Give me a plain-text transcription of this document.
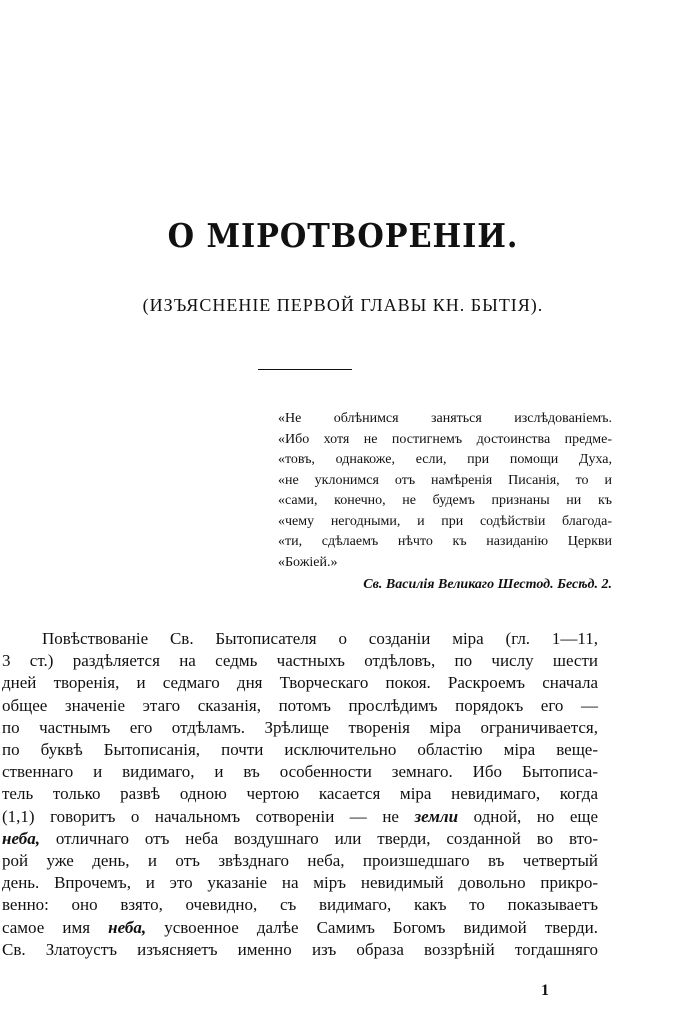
О МІРОТВОРЕНІИ.
(ИЗЪЯСНЕНІЕ ПЕРВОЙ ГЛАВЫ КН. БЫТІЯ).
«Не облѣнимся заняться изслѣдованіемъ.
«Ибо хотя не постигнемъ достоинства предме-
«товъ, однакоже, если, при помощи Духа,
«не уклонимся отъ намѣренія Писанія, то и
«сами, конечно, не будемъ признаны ни къ
«чему негодными, и при содѣйствіи благода-
«ти, сдѣлаемъ нѣчто къ назиданію Церкви
«Божіей.»
Св. Василія Великаго Шестод. Бесѣд. 2.
Повѣствованіе Св. Бытописателя о созданіи міра (гл. 1—11,
3 ст.) раздѣляется на седмь частныхъ отдѣловъ, по числу шести
дней творенія, и седмаго дня Творческаго покоя. Раскроемъ сначала
общее значеніе этаго сказанія, потомъ прослѣдимъ порядокъ его —
по частнымъ его отдѣламъ. Зрѣлище творенія міра ограничивается,
по буквѣ Бытописанія, почти исключительно областію міра веще-
ственнаго и видимаго, и въ особенности земнаго. Ибо Бытописа-
тель только развѣ одною чертою касается міра невидимаго, когда
(1,1) говоритъ о начальномъ сотвореніи — не земли одной, но еще
неба, отличнаго отъ неба воздушнаго или тверди, созданной во вто-
рой уже день, и отъ звѣзднаго неба, произшедшаго въ четвертый
день. Впрочемъ, и это указаніе на міръ невидимый довольно прикро-
венно: оно взято, очевидно, съ видимаго, какъ то показываетъ
самое имя неба, усвоенное далѣе Самимъ Богомъ видимой тверди.
Св. Златоустъ изъясняетъ именно изъ образа воззрѣній тогдашняго
1
